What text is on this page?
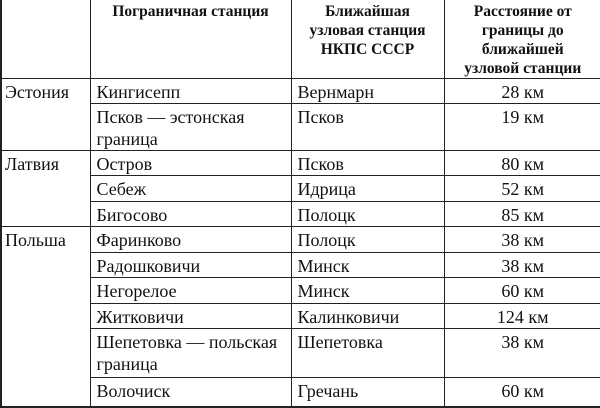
	Пограничная станция	Ближайшая узловая станция НКПС СССР	Расстояние от границы до ближайшей узловой станции
Эстония	Кингисепп	Вернмарн	28 км
	Псков — эстонская граница	Псков	19 км
Латвия	Остров	Псков	80 км
	Себеж	Идрица	52 км
	Бигосово	Полоцк	85 км
Польша	Фаринково	Полоцк	38 км
	Радошковичи	Минск	38 км
	Негорелое	Минск	60 км
	Житковичи	Калинковичи	124 км
	Шепетовка — польская граница	Шепетовка	38 км
	Волочиск	Гречань	60 км
